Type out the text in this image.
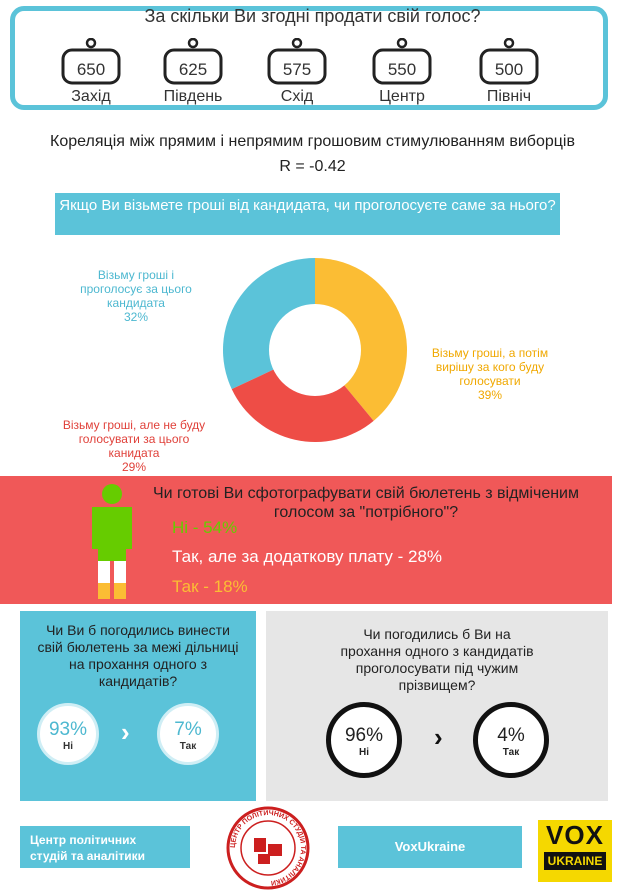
За скільки Ви згодні продати свій голос?
650
Захід
625
Південь
575
Схід
550
Центр
500
Північ
Кореляція між прямим і непрямим грошовим стимулюванням виборців
R = -0.42
Якщо Ви візьмете гроші від кандидата, чи проголосуєте саме за нього?
Візьму гроші і
проголосує за цього
кандидата
32%
Візьму гроші, а потім
вирішу за кого буду
голосувати
39%
Візьму гроші, але не буду
голосувати за цього
канидата
29%
Чи готові Ви сфотографувати свій бюлетень з відміченим
голосом за "потрібного"?
Ні - 54%
Так, але за додаткову плату - 28%
Так - 18%
Чи Ви б погодились винести
свій бюлетень за межі дільниці
на прохання одного з
кандидатів?
93%
Ні	›	7%
Так
Чи погодились б Ви на
прохання одного з кандидатів
проголосувати під чужим
прізвищем?
96%
Ні
›	4%
Так
Центр політичних
студій та аналітики
ЦЕНТР ПОЛІТИЧНИХ СТУДІЙ ТА АНАЛІТИКИ
VoxUkraine	VOX
UKRAINE
